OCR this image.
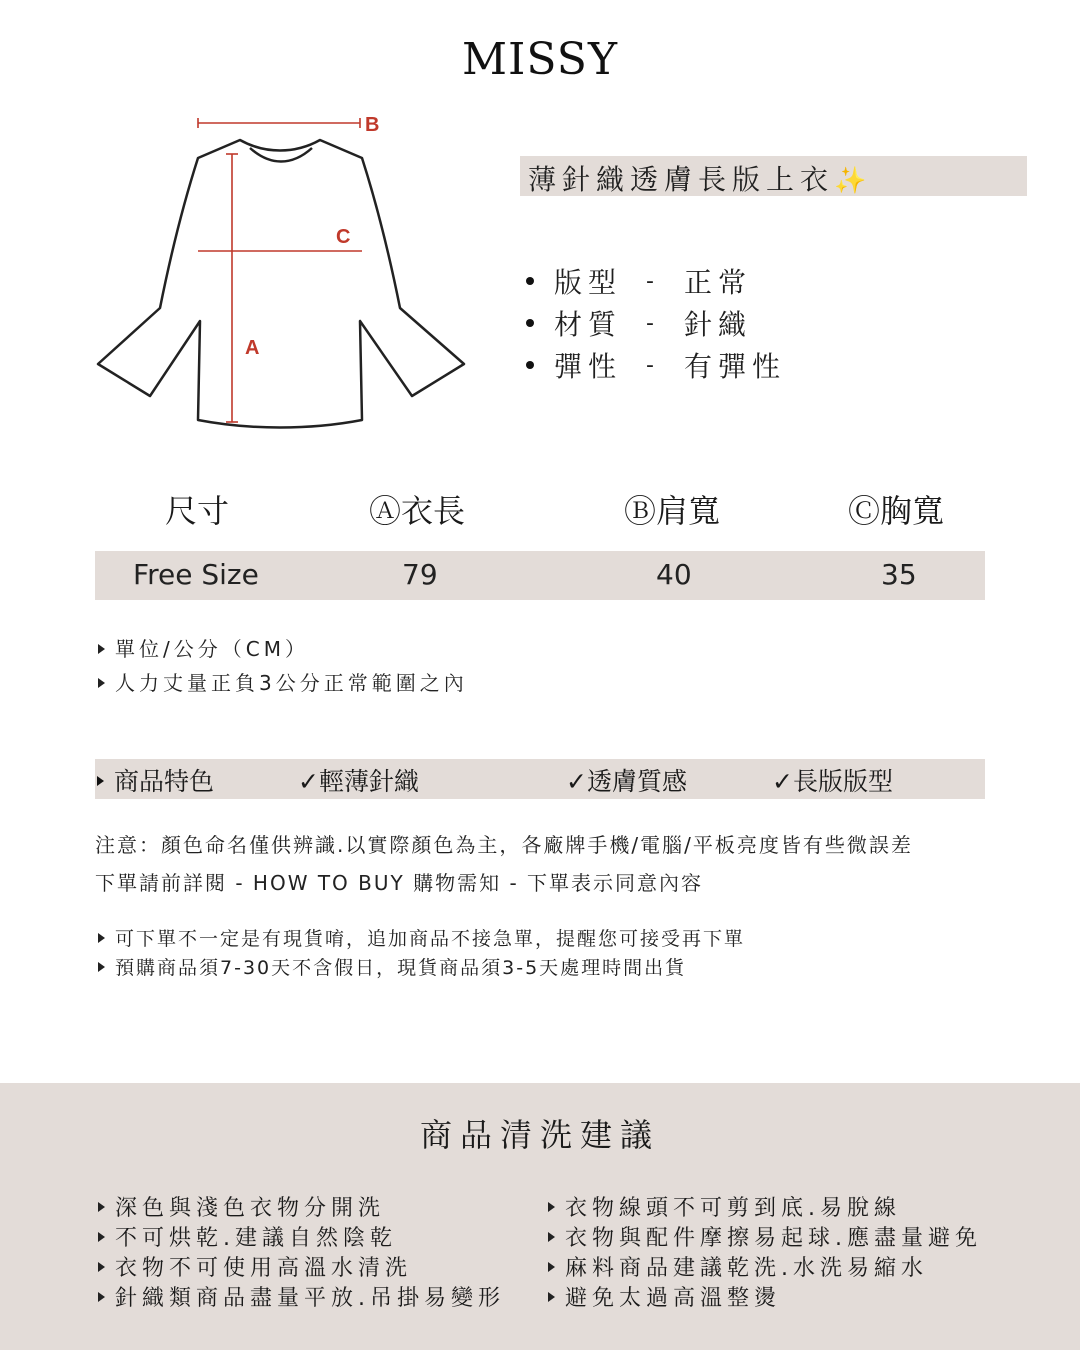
MISSY
B
C
A
薄針織透膚長版上衣✨
版型 - 正常
材質 - 針織
彈性 - 有彈性
尺寸	Ⓐ衣長	Ⓑ肩寬	Ⓒ胸寬
Free Size	79	40	35
單位/公分（CM）
人力丈量正負3公分正常範圍之內
商品特色	✓輕薄針織	✓透膚質感	✓長版版型
注意：顏色命名僅供辨識.以實際顏色為主，各廠牌手機/電腦/平板亮度皆有些微誤差
下單請前詳閱 - HOW TO BUY 購物需知 - 下單表示同意內容
可下單不一定是有現貨唷，追加商品不接急單，提醒您可接受再下單
預購商品須7-30天不含假日，現貨商品須3-5天處理時間出貨
商品清洗建議
深色與淺色衣物分開洗
不可烘乾.建議自然陰乾
衣物不可使用高溫水清洗
針織類商品盡量平放.吊掛易變形
衣物線頭不可剪到底.易脫線
衣物與配件摩擦易起球.應盡量避免
麻料商品建議乾洗.水洗易縮水
避免太過高溫整燙
